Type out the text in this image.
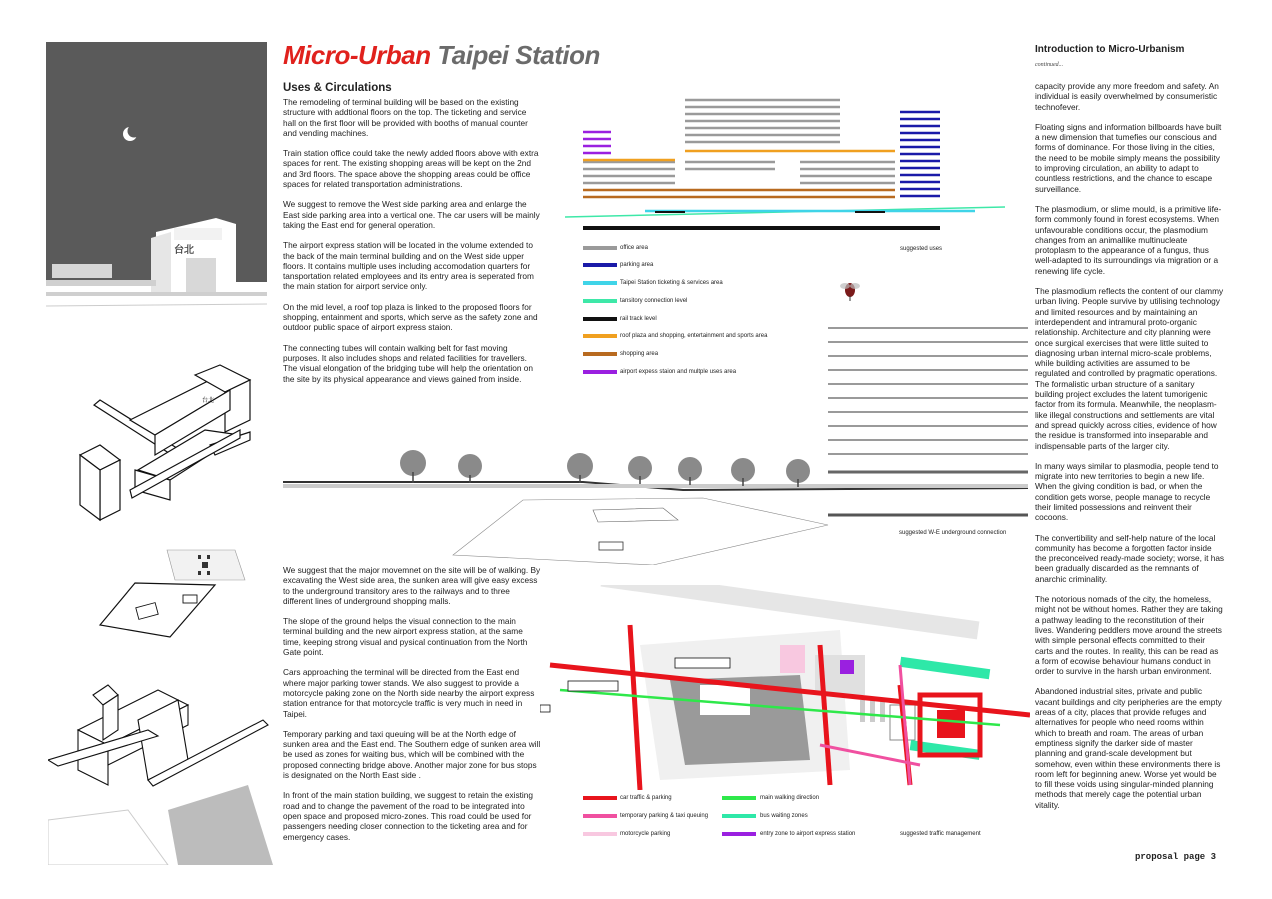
台北
台北
Micro-Urban Taipei Station
Uses & Circulations

The remodeling of terminal building will be based on the existing structure with addtional floors on the top. The ticketing and service hall on the first floor will be provided with booths of manual counter and vending machines.

Train station office could take the newly added floors above with extra spaces for rent. The existing shopping areas will be kept on the 2nd and 3rd floors. The space above the shopping areas could be office spaces for related transportation administrations.

We suggest to remove the West side parking area and enlarge the East side parking area into a vertical one. The car users will be mainly taking the East end for general operation.

The airport express station will be located in the volume extended to the back of the main terminal building and on the West side upper floors. It contains multiple uses including accomodation quarters for tansportation related employees and its entry area is seperated from the main station for airport service only.

On the mid level, a roof top plaza is linked to the proposed floors for shopping, entainment and sports, which serve as the safety zone and outdoor public space of airport express staion.

The connecting tubes will contain walking belt for fast moving purposes. It also includes shops and related facilities for travellers. The visual elongation of the bridging tube will help the orientation on the site by its physical appearance and views gained from inside.

We suggest that the major movemnet on the site will be of walking. By excavating the West side area, the sunken area will give easy excess to the underground transitory ares to the railways and to three different lines of underground shopping malls.

The slope of the ground helps the visual connection to the main terminal building and the new airport express station, at the same time, keeping strong visual and pysical continuation from the North Gate point.

Cars approaching the terminal will be directed from the East end where major parking tower stands. We also suggest to provide a motorcycle paking zone on the North side nearby the airport express station entrance for that motorcycle traffic is very much in need in Taipei.

Temporary parking and taxi queuing will be at the North edge of sunken area and the East end. The Southern edge of sunken area will be used as zones for waiting bus, which will be combined with the proposed connecting bridge above. Another major zone for bus stops is designated on the North East side .

In front of the main station building, we suggest to retain the existing road and to change the pavement of the road to be integrated into open space and proposed micro-zones. This road could be used for passengers needing closer connection to the ticketing area and for emergency cases.

office area
parking area
Taipei Station ticketing & services area
tansitory connection level
rail track level
roof plaza and shopping, entertainment and sports area
shopping area
airport expess staion and multple uses area
suggested uses
suggested W-E underground connection
car traffic & parking	main walking direction
temporary parking & taxi queuing	bus waiting zones
motorcycle parking	entry zone to airport express station	suggested traffic management
Introduction to Micro-Urbanism
continued...

capacity provide any more freedom and safety. An individual is easily overwhelmed by consumeristic technofever.

Floating signs and information billboards have built a new dimension that tumefies our conscious and forms of dominance. For those living in the cities, the need to be mobile simply means the possibility to improving circulation, an ability to adapt to countless restrictions, and the chance to escape surveillance.

The plasmodium, or slime mould, is a primitive life-form commonly found in forest ecosystems. When unfavourable conditions occur, the plasmodium changes from an animallike multinucleate protoplasm to the appearance of a fungus, thus well-adapted to its surroundings via migration or a renewing life cycle.

The plasmodium reflects the content of our clammy urban living. People survive by utilising technology and limited resources and by maintaining an interdependent and intramural proto-organic relationship. Architecture and city planning were once surgical exercises that were little suited to diagnosing urban internal micro-scale problems, while building activities are assumed to be regulated and controlled by pragmatic operations. The formalistic urban structure of a sanitary building project excludes the latent tumorigenic factor from its formula. Meanwhile, the neoplasm-like illegal constructions and settlements are vital and spread quickly across cities, evidence of how the residue is transformed into inseparable and indispensable parts of the larger city.

In many ways similar to plasmodia, people tend to migrate into new territories to begin a new life. When the giving condition is bad, or when the condition gets worse, people manage to recycle their limited possessions and reinvent their cocoons.

The convertibility and self-help nature of the local community has become a forgotten factor inside the preconceived ready-made society; worse, it has been gradually discarded as the remnants of anarchic criminality.

The notorious nomads of the city, the homeless, might not be without homes. Rather they are taking a pathway leading to the reconstitution of their lives. Wandering peddlers move around the streets with simple personal effects committed to their carts and the routes. In reality, this can be read as a form of ecowise behaviour humans conduct in order to survive in the harsh urban environment.

Abandoned industrial sites, private and public vacant buildings and city peripheries are the empty areas of a city, places that provide refuges and alternatives for people who need rooms within which to breath and roam. The areas of urban emptiness signify the darker side of master planning and grand-scale development but somehow, even within these environments there is room left for beginning anew. Worse yet would be to fill these voids using singular-minded planning methods that merely cage the potential urban vitality.

proposal page 3
